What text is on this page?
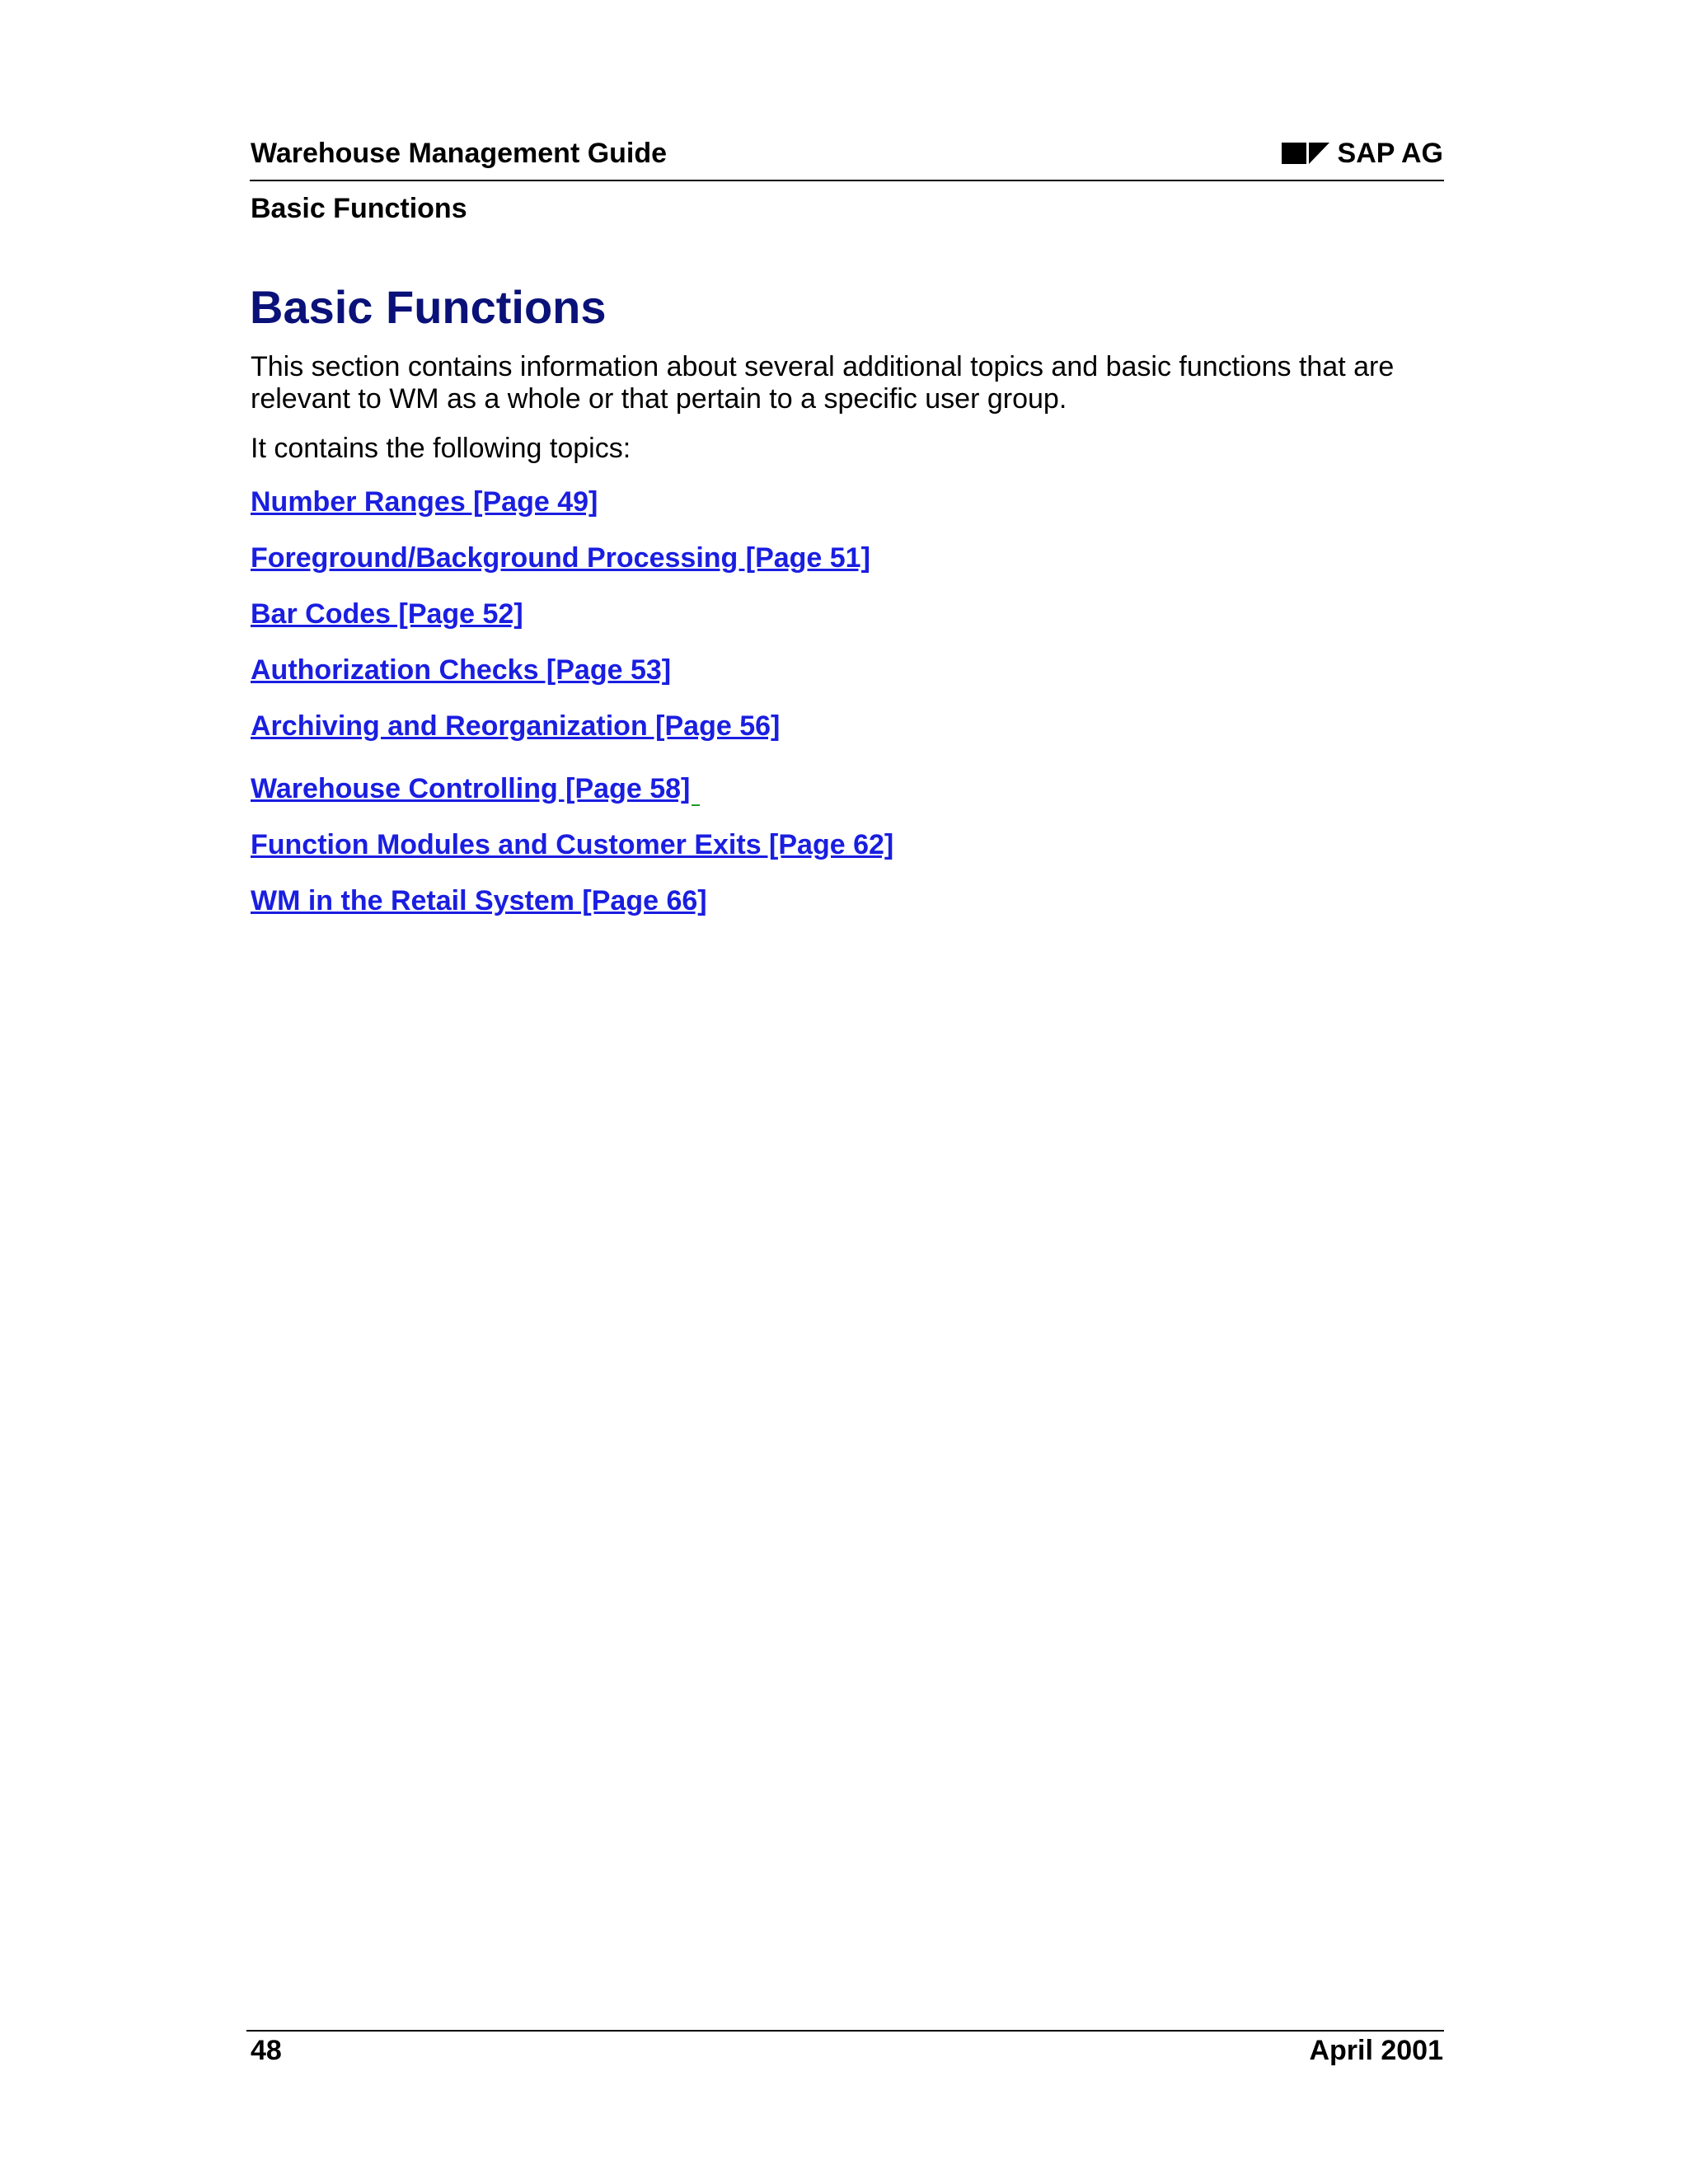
Warehouse Management Guide	SAP AG
Basic Functions
Basic Functions

This section contains information about several additional topics and basic functions that are relevant to WM as a whole or that pertain to a specific user group.

It contains the following topics:

Number Ranges [Page 49]
Foreground/Background Processing [Page 51]
Bar Codes [Page 52]
Authorization Checks [Page 53]
Archiving and Reorganization [Page 56]
Warehouse Controlling [Page 58]
Function Modules and Customer Exits [Page 62]
WM in the Retail System [Page 66]
48	April 2001
